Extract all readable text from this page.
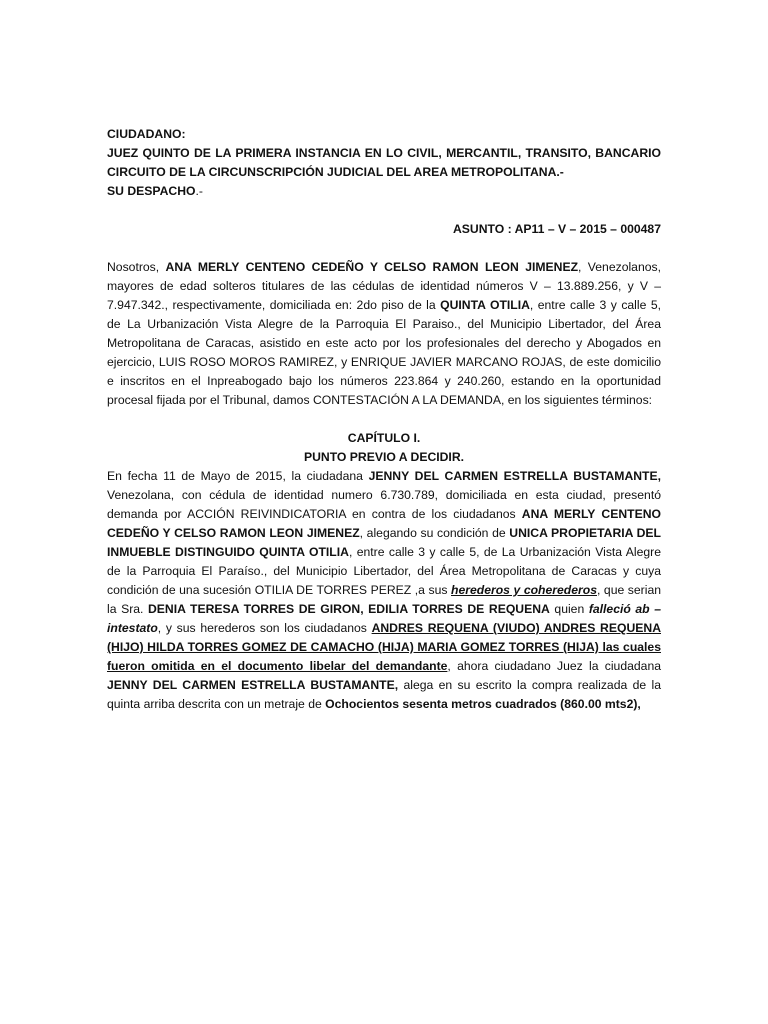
CIUDADANO:
JUEZ QUINTO DE LA PRIMERA INSTANCIA EN LO CIVIL, MERCANTIL, TRANSITO, BANCARIO CIRCUITO DE LA CIRCUNSCRIPCIÓN JUDICIAL DEL AREA METROPOLITANA.-
SU DESPACHO.-
ASUNTO : AP11 – V – 2015 – 000487
Nosotros, ANA MERLY CENTENO CEDEÑO Y CELSO RAMON LEON JIMENEZ, Venezolanos, mayores de edad solteros titulares de las cédulas de identidad números V – 13.889.256, y V – 7.947.342., respectivamente, domiciliada en: 2do piso de la QUINTA OTILIA, entre calle 3 y calle 5, de La Urbanización Vista Alegre de la Parroquia El Paraiso., del Municipio Libertador, del Área Metropolitana de Caracas, asistido en este acto por los profesionales del derecho y Abogados en ejercicio, LUIS ROSO MOROS RAMIREZ, y ENRIQUE JAVIER MARCANO ROJAS, de este domicilio e inscritos en el Inpreabogado bajo los números 223.864 y 240.260, estando en la oportunidad procesal fijada por el Tribunal, damos CONTESTACIÓN A LA DEMANDA, en los siguientes términos:
CAPÍTULO I.
PUNTO PREVIO A DECIDIR.
En fecha 11 de Mayo de 2015, la ciudadana JENNY DEL CARMEN ESTRELLA BUSTAMANTE, Venezolana, con cédula de identidad numero 6.730.789, domiciliada en esta ciudad, presentó demanda por ACCIÓN REIVINDICATORIA en contra de los ciudadanos ANA MERLY CENTENO CEDEÑO Y CELSO RAMON LEON JIMENEZ, alegando su condición de UNICA PROPIETARIA DEL INMUEBLE DISTINGUIDO QUINTA OTILIA, entre calle 3 y calle 5, de La Urbanización Vista Alegre de la Parroquia El Paraíso., del Municipio Libertador, del Área Metropolitana de Caracas y cuya condición de una sucesión OTILIA DE TORRES PEREZ ,a sus herederos y coherederos, que serian la Sra. DENIA TERESA TORRES DE GIRON, EDILIA TORRES DE REQUENA quien falleció ab – intestato, y sus herederos son los ciudadanos ANDRES REQUENA (VIUDO) ANDRES REQUENA (HIJO) HILDA TORRES GOMEZ DE CAMACHO (HIJA) MARIA GOMEZ TORRES (HIJA) las cuales fueron omitida en el documento libelar del demandante, ahora ciudadano Juez la ciudadana JENNY DEL CARMEN ESTRELLA BUSTAMANTE, alega en su escrito la compra realizada de la quinta arriba descrita con un metraje de Ochocientos sesenta metros cuadrados (860.00 mts2),
